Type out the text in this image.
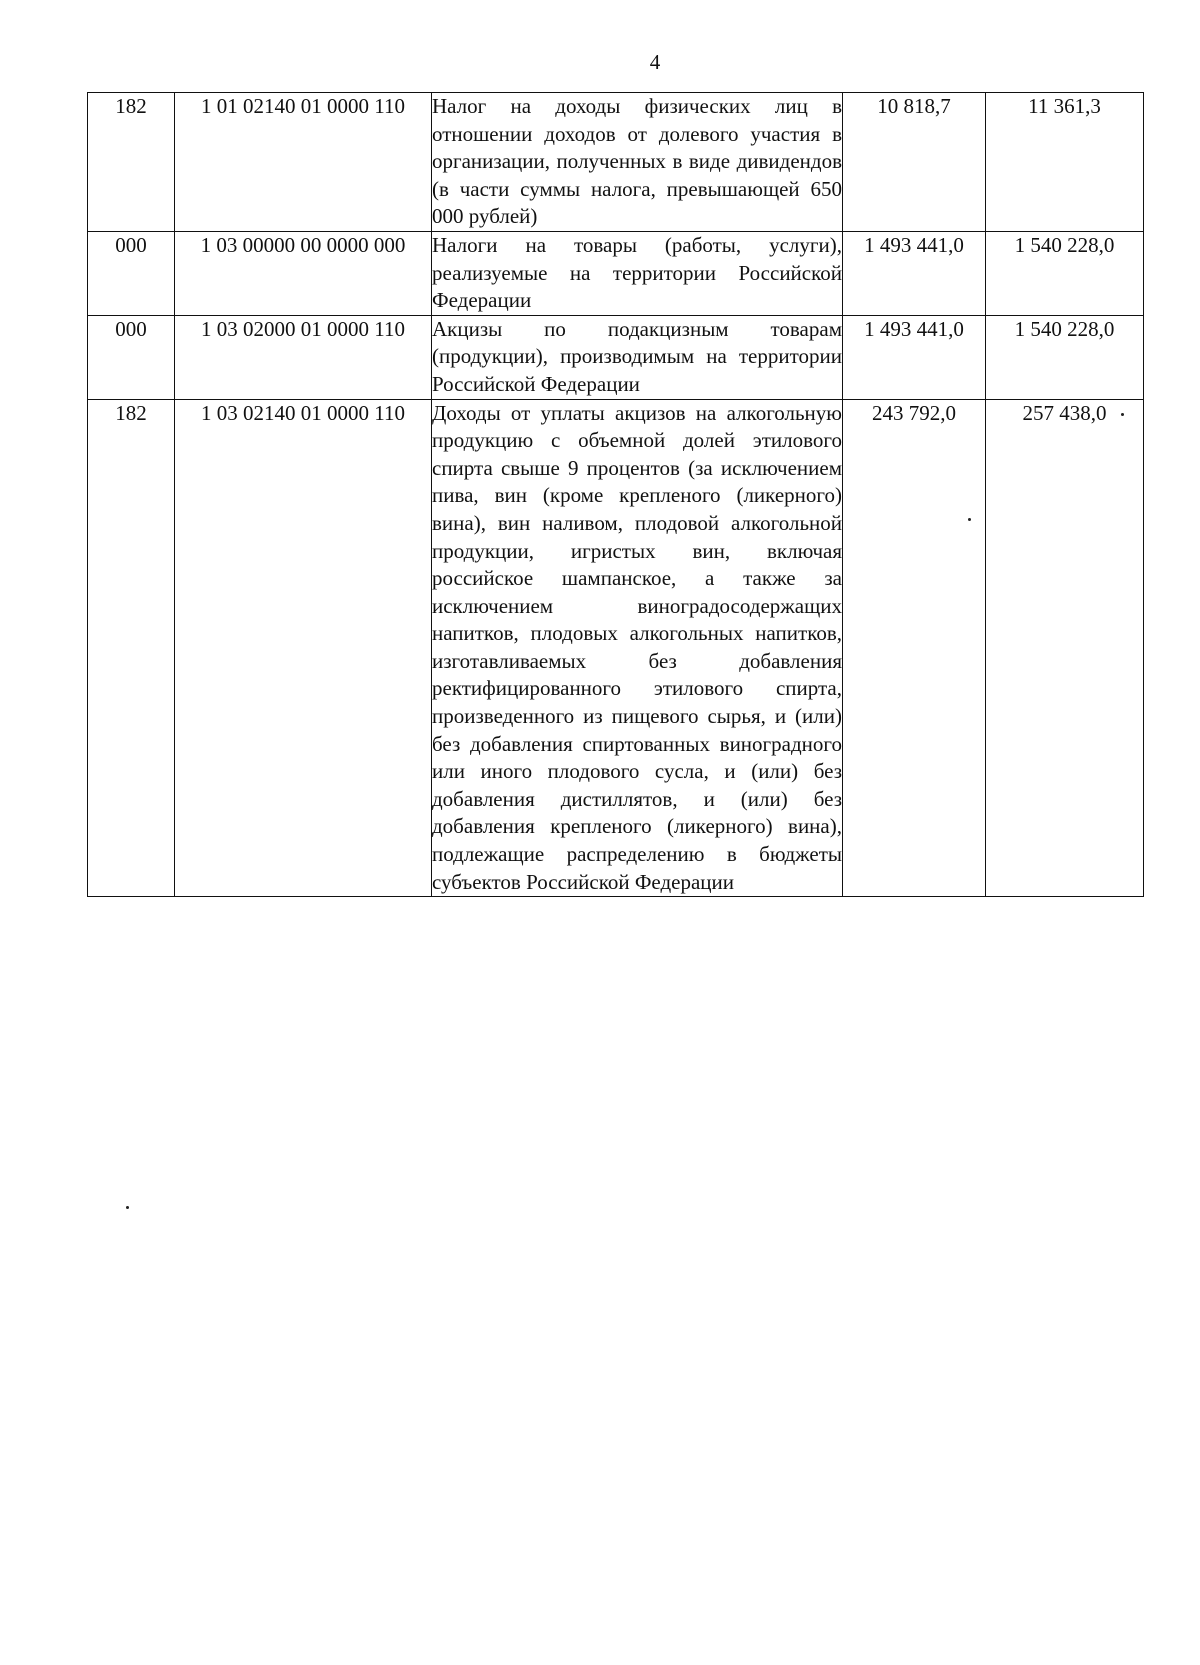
4
182	1 01 02140 01 0000 110	Налог на доходы физических лиц в отношении доходов от долевого участия в организации, полученных в виде дивидендов (в части суммы налога, превышающей 650 000 рублей)	10 818,7	11 361,3
000	1 03 00000 00 0000 000	Налоги на товары (работы, услуги), реализуемые на территории Российской Федерации	1 493 441,0	1 540 228,0
000	1 03 02000 01 0000 110	Акцизы по подакцизным товарам (продукции), производимым на территории Российской Федерации	1 493 441,0	1 540 228,0
182	1 03 02140 01 0000 110	Доходы от уплаты акцизов на алкогольную продукцию с объемной долей этилового спирта свыше 9 процентов (за исключением пива, вин (кроме крепленого (ликерного) вина), вин наливом, плодовой алкогольной продукции, игристых вин, включая российское шампанское, а также за исключением виноградосодержащих напитков, плодовых алкогольных напитков, изготавливаемых без добавления ректифицированного этилового спирта, произведенного из пищевого сырья, и (или) без добавления спиртованных виноградного или иного плодового сусла, и (или) без добавления дистиллятов, и (или) без добавления крепленого (ликерного) вина), подлежащие распределению в бюджеты субъектов Российской Федерации	243 792,0	257 438,0
